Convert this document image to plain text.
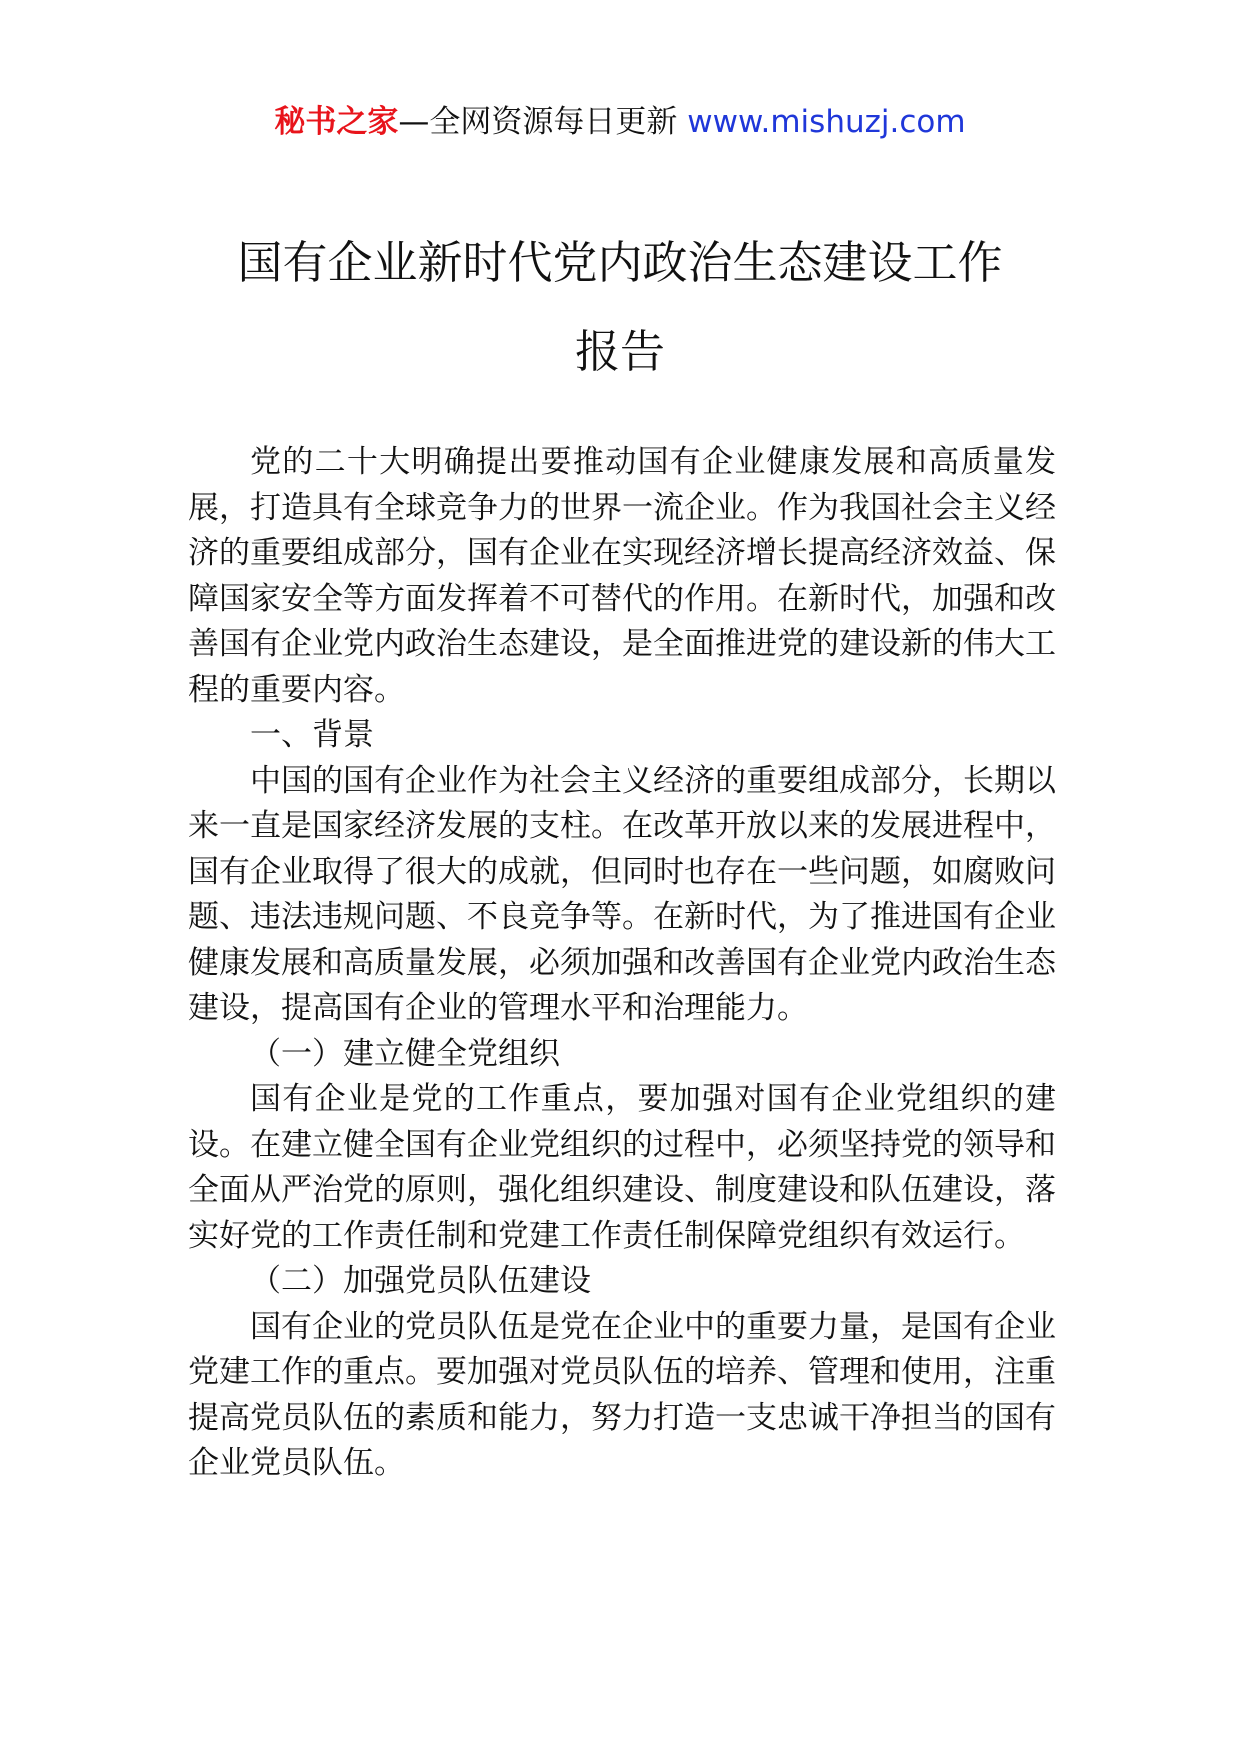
秘书之家—全网资源每日更新 www.mishuzj.com
国有企业新时代党内政治生态建设工作
报告

党的二十大明确提出要推动国有企业健康发展和高质量发展，打造具有全球竞争力的世界一流企业。作为我国社会主义经济的重要组成部分，国有企业在实现经济增长提高经济效益、保障国家安全等方面发挥着不可替代的作用。在新时代，加强和改善国有企业党内政治生态建设，是全面推进党的建设新的伟大工程的重要内容。

一、背景

中国的国有企业作为社会主义经济的重要组成部分，长期以来一直是国家经济发展的支柱。在改革开放以来的发展进程中，国有企业取得了很大的成就，但同时也存在一些问题，如腐败问题、违法违规问题、不良竞争等。在新时代，为了推进国有企业健康发展和高质量发展，必须加强和改善国有企业党内政治生态建设，提高国有企业的管理水平和治理能力。

（一）建立健全党组织

国有企业是党的工作重点，要加强对国有企业党组织的建设。在建立健全国有企业党组织的过程中，必须坚持党的领导和全面从严治党的原则，强化组织建设、制度建设和队伍建设，落实好党的工作责任制和党建工作责任制保障党组织有效运行。

（二）加强党员队伍建设

国有企业的党员队伍是党在企业中的重要力量，是国有企业党建工作的重点。要加强对党员队伍的培养、管理和使用，注重提高党员队伍的素质和能力，努力打造一支忠诚干净担当的国有企业党员队伍。
